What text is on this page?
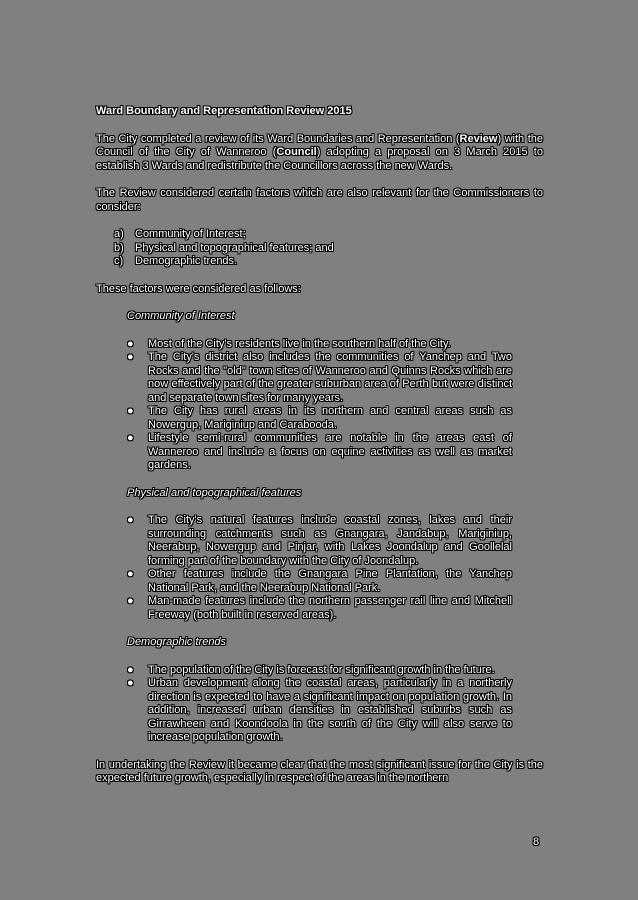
Ward Boundary and Representation Review 2015

The City completed a review of its Ward Boundaries and Representation (Review) with the Council of the City of Wanneroo (Council) adopting a proposal on 3 March 2015 to establish 3 Wards and redistribute the Councillors across the new Wards.

The Review considered certain factors which are also relevant for the Commissioners to consider:

a) Community of Interest;
b) Physical and topographical features; and
c) Demographic trends.

These factors were considered as follows:

Community of Interest
● Most of the City's residents live in the southern half of the City.
● The City's district also includes the communities of Yanchep and Two Rocks and the "old" town sites of Wanneroo and Quinns Rocks which are now effectively part of the greater suburban area of Perth but were distinct and separate town sites for many years.
● The City has rural areas in its northern and central areas such as Nowergup, Mariginiup and Carabooda.
● Lifestyle semi-rural communities are notable in the areas east of Wanneroo and include a focus on equine activities as well as market gardens.
Physical and topographical features
● The City's natural features include coastal zones, lakes and their surrounding catchments such as Gnangara, Jandabup, Mariginiup, Neerabup, Nowergup and Pinjar, with Lakes Joondalup and Goollelal forming part of the boundary with the City of Joondalup.
● Other features include the Gnangara Pine Plantation, the Yanchep National Park, and the Neerabup National Park.
● Man-made features include the northern passenger rail line and Mitchell Freeway (both built in reserved areas).
Demographic trends
● The population of the City is forecast for significant growth in the future.
● Urban development along the coastal areas, particularly in a northerly direction is expected to have a significant impact on population growth. In addition, increased urban densities in established suburbs such as Girrawheen and Koondoola in the south of the City will also serve to increase population growth.

In undertaking the Review it became clear that the most significant issue for the City is the expected future growth, especially in respect of the areas in the northern

8
